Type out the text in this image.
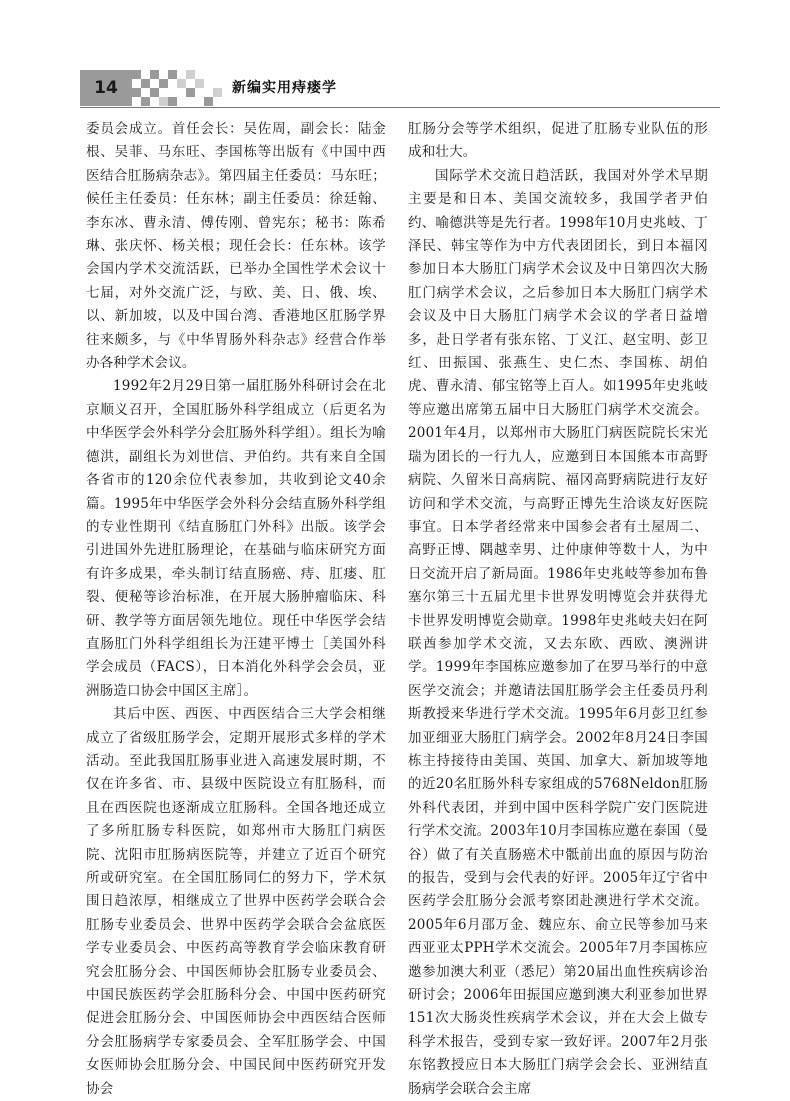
14	新编实用痔瘘学

委员会成立。首任会长：吴佐周，副会长：陆金根、吴菲、马东旺、李国栋等出版有《中国中西医结合肛肠病杂志》。第四届主任委员：马东旺；候任主任委员：任东林；副主任委员：徐廷翰、李东冰、曹永清、傅传刚、曾宪东；秘书：陈希琳、张庆怀、杨关根；现任会长：任东林。该学会国内学术交流活跃，已举办全国性学术会议十七届，对外交流广泛，与欧、美、日、俄、埃、以、新加坡，以及中国台湾、香港地区肛肠学界往来颇多，与《中华胃肠外科杂志》经营合作举办各种学术会议。

1992年2月29日第一届肛肠外科研讨会在北京顺义召开，全国肛肠外科学组成立（后更名为中华医学会外科学分会肛肠外科学组）。组长为喻德洪，副组长为刘世信、尹伯约。共有来自全国各省市的120余位代表参加，共收到论文40余篇。1995年中华医学会外科分会结直肠外科学组的专业性期刊《结直肠肛门外科》出版。该学会引进国外先进肛肠理论，在基础与临床研究方面有许多成果，牵头制订结直肠癌、痔、肛瘘、肛裂、便秘等诊治标准，在开展大肠肿瘤临床、科研、教学等方面居领先地位。现任中华医学会结直肠肛门外科学组组长为汪建平博士［美国外科学会成员（FACS），日本消化外科学会会员，亚洲肠造口协会中国区主席］。

其后中医、西医、中西医结合三大学会相继成立了省级肛肠学会，定期开展形式多样的学术活动。至此我国肛肠事业进入高速发展时期，不仅在许多省、市、县级中医院设立有肛肠科，而且在西医院也逐渐成立肛肠科。全国各地还成立了多所肛肠专科医院，如郑州市大肠肛门病医院、沈阳市肛肠病医院等，并建立了近百个研究所或研究室。在全国肛肠同仁的努力下，学术氛围日趋浓厚，相继成立了世界中医药学会联合会肛肠专业委员会、世界中医药学会联合会盆底医学专业委员会、中医药高等教育学会临床教育研究会肛肠分会、中国医师协会肛肠专业委员会、中国民族医药学会肛肠科分会、中国中医药研究促进会肛肠分会、中国医师协会中西医结合医师分会肛肠病学专家委员会、全军肛肠学会、中国女医师协会肛肠分会、中国民间中医药研究开发协会

肛肠分会等学术组织，促进了肛肠专业队伍的形成和壮大。

国际学术交流日趋活跃，我国对外学术早期主要是和日本、美国交流较多，我国学者尹伯约、喻德洪等是先行者。1998年10月史兆岐、丁泽民、韩宝等作为中方代表团团长，到日本福冈参加日本大肠肛门病学术会议及中日第四次大肠肛门病学术会议，之后参加日本大肠肛门病学术会议及中日大肠肛门病学术会议的学者日益增多，赴日学者有张东铭、丁义江、赵宝明、彭卫红、田振国、张燕生、史仁杰、李国栋、胡伯虎、曹永清、郁宝铭等上百人。如1995年史兆岐等应邀出席第五届中日大肠肛门病学术交流会。2001年4月，以郑州市大肠肛门病医院院长宋光瑞为团长的一行九人，应邀到日本国熊本市高野病院、久留米日高病院、福冈高野病院进行友好访问和学术交流，与高野正博先生洽谈友好医院事宜。日本学者经常来中国参会者有土屋周二、高野正博、隅越幸男、辻仲康伸等数十人，为中日交流开启了新局面。1986年史兆岐等参加布鲁塞尔第三十五届尤里卡世界发明博览会并获得尤卡世界发明博览会勋章。1998年史兆岐夫妇在阿联酋参加学术交流，又去东欧、西欧、澳洲讲学。1999年李国栋应邀参加了在罗马举行的中意医学交流会；并邀请法国肛肠学会主任委员丹利斯教授来华进行学术交流。1995年6月彭卫红参加亚细亚大肠肛门病学会。2002年8月24日李国栋主持接待由美国、英国、加拿大、新加坡等地的近20名肛肠外科专家组成的5768Neldon肛肠外科代表团，并到中国中医科学院广安门医院进行学术交流。2003年10月李国栋应邀在泰国（曼谷）做了有关直肠癌术中骶前出血的原因与防治的报告，受到与会代表的好评。2005年辽宁省中医药学会肛肠分会派考察团赴澳进行学术交流。2005年6月邵万金、魏应东、俞立民等参加马来西亚亚太PPH学术交流会。2005年7月李国栋应邀参加澳大利亚（悉尼）第20届出血性疾病诊治研讨会；2006年田振国应邀到澳大利亚参加世界151次大肠炎性疾病学术会议，并在大会上做专科学术报告，受到专家一致好评。2007年2月张东铭教授应日本大肠肛门病学会会长、亚洲结直肠病学会联合会主席
